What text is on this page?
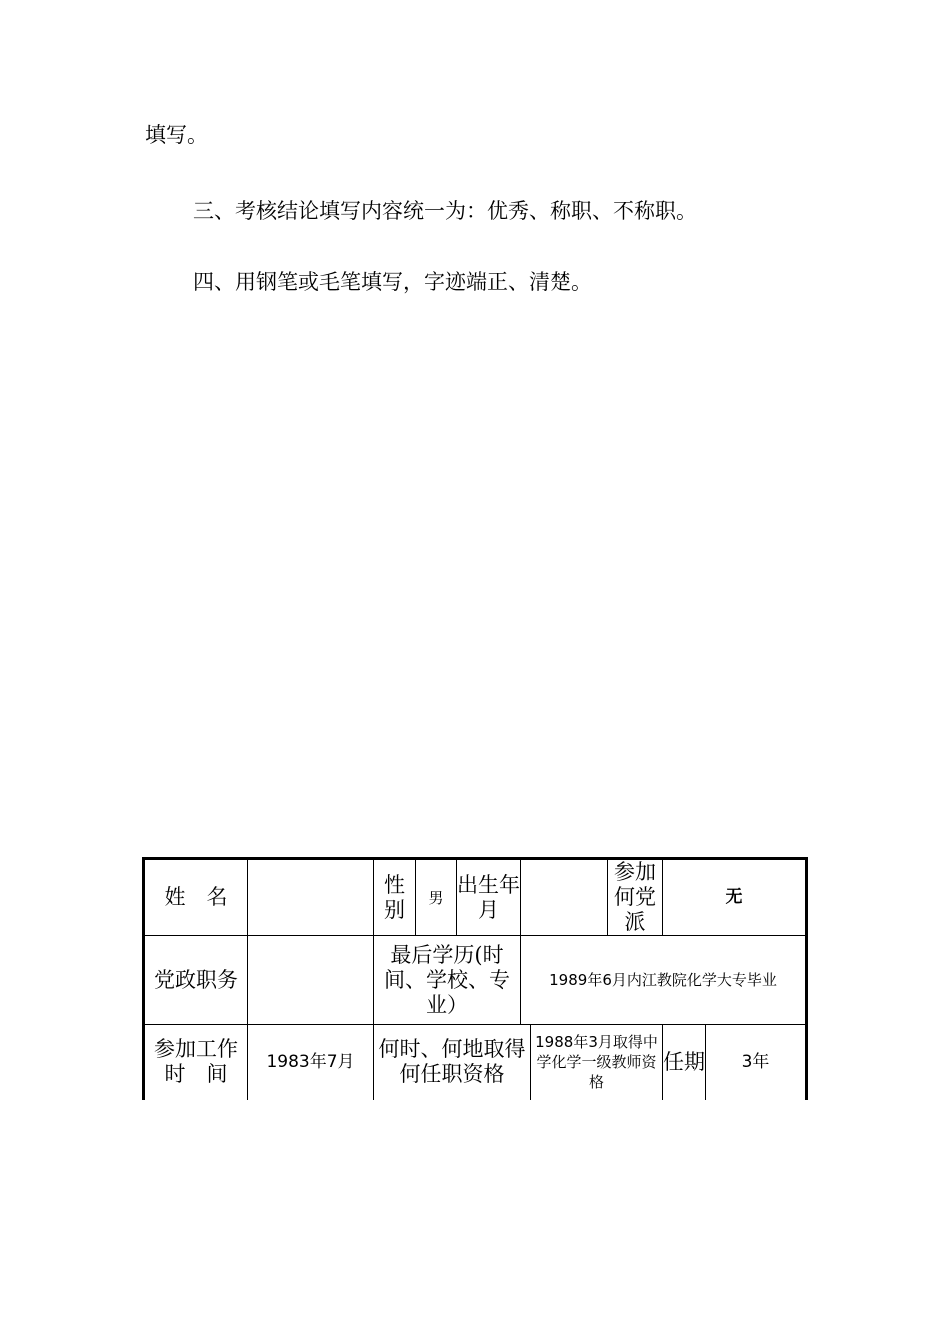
填写。

三、考核结论填写内容统一为：优秀、称职、不称职。

四、用钢笔或毛笔填写，字迹端正、清楚。

姓　名		性别	男	出生年月			参加何党　派	无	
党政职务		最后学历(时间、学校、专业）			1989年6月内江教院化学大专毕业				
参加工作时　间	1983年7月	何时、何地取得何任职资格				1988年3月取得中学化学一级教师资格		任期	3年
